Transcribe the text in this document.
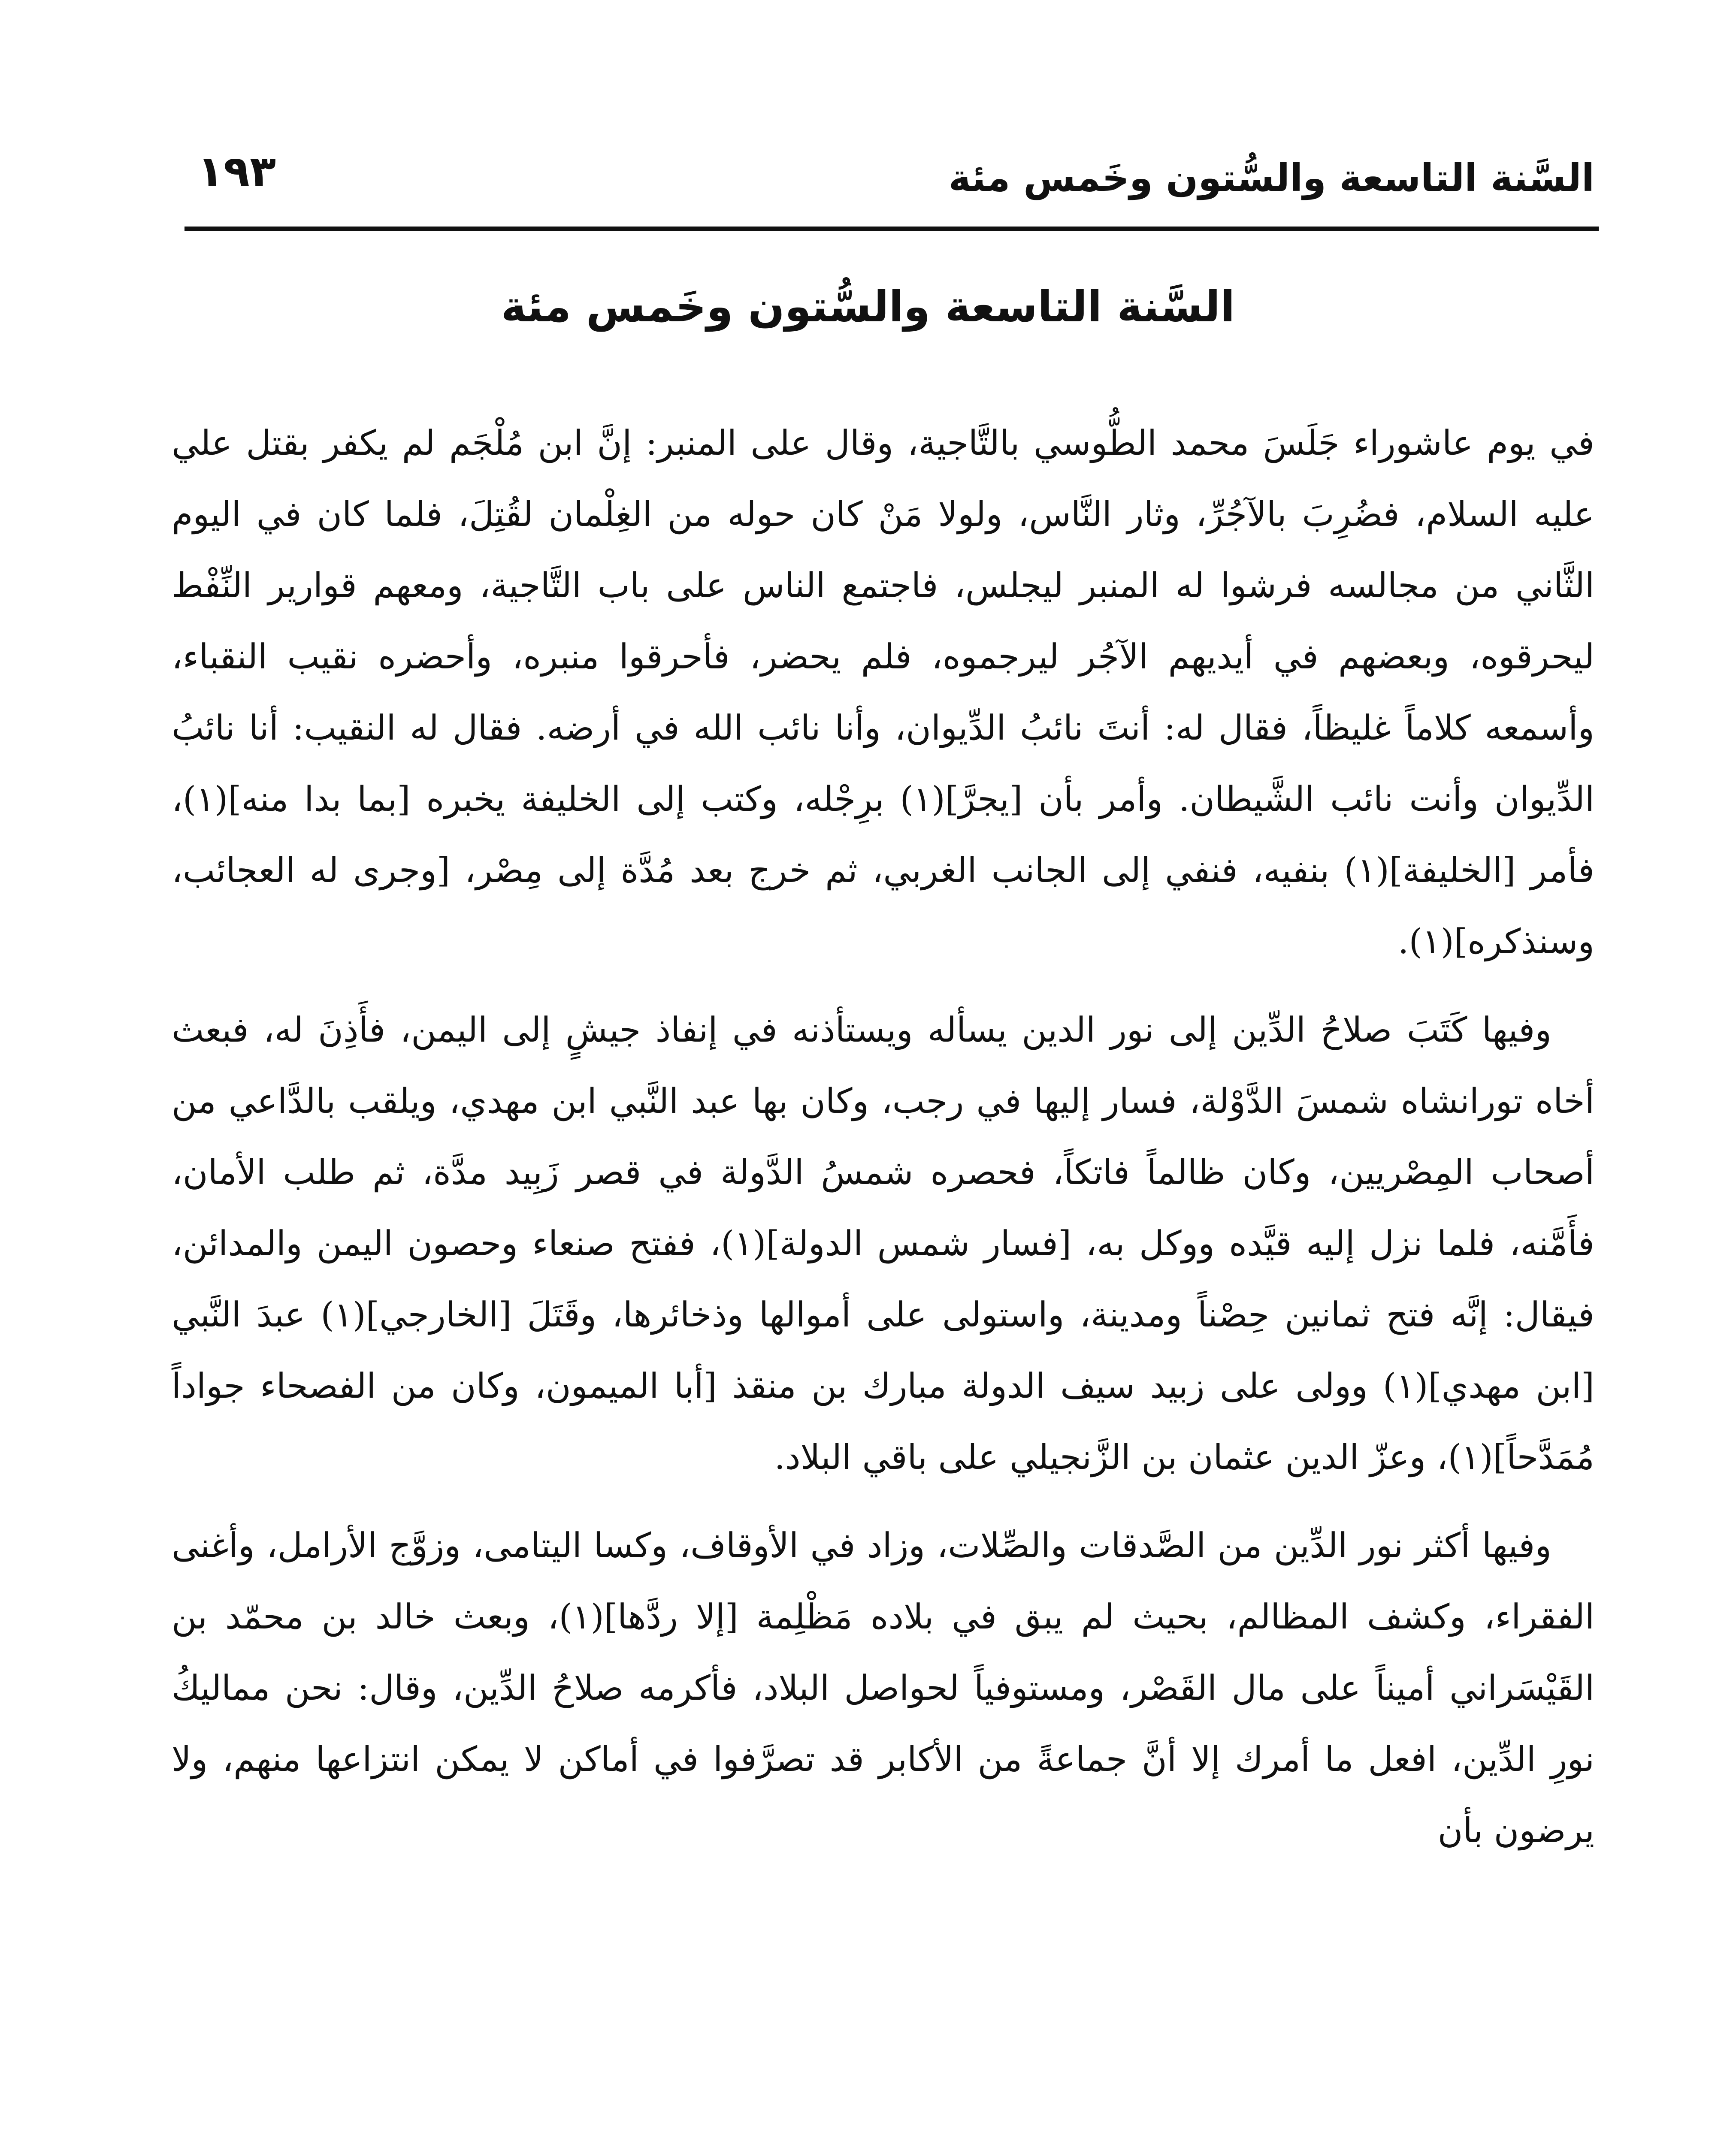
السَّنة التاسعة والسُّتون وخَمس مئة
١٩٣
السَّنة التاسعة والسُّتون وخَمس مئة

في يوم عاشوراء جَلَسَ محمد الطُّوسي بالتَّاجية، وقال على المنبر: إنَّ ابن مُلْجَم لم يكفر بقتل علي عليه السلام، فضُرِبَ بالآجُرِّ، وثار النَّاس، ولولا مَنْ كان حوله من الغِلْمان لقُتِلَ، فلما كان في اليوم الثَّاني من مجالسه فرشوا له المنبر ليجلس، فاجتمع الناس على باب التَّاجية، ومعهم قوارير النِّفْط ليحرقوه، وبعضهم في أيديهم الآجُر ليرجموه، فلم يحضر، فأحرقوا منبره، وأحضره نقيب النقباء، وأسمعه كلاماً غليظاً، فقال له: أنتَ نائبُ الدِّيوان، وأنا نائب الله في أرضه. فقال له النقيب: أنا نائبُ الدِّيوان وأنت نائب الشَّيطان. وأمر بأن [يجرَّ](١) برِجْله، وكتب إلى الخليفة يخبره [بما بدا منه](١)، فأمر [الخليفة](١) بنفيه، فنفي إلى الجانب الغربي، ثم خرج بعد مُدَّة إلى مِصْر، [وجرى له العجائب، وسنذكره](١).

وفيها كَتَبَ صلاحُ الدِّين إلى نور الدين يسأله ويستأذنه في إنفاذ جيشٍ إلى اليمن، فأَذِنَ له، فبعث أخاه تورانشاه شمسَ الدَّوْلة، فسار إليها في رجب، وكان بها عبد النَّبي ابن مهدي، ويلقب بالدَّاعي من أصحاب المِصْريين، وكان ظالماً فاتكاً، فحصره شمسُ الدَّولة في قصر زَبِيد مدَّة، ثم طلب الأمان، فأَمَّنه، فلما نزل إليه قيَّده ووكل به، [فسار شمس الدولة](١)، ففتح صنعاء وحصون اليمن والمدائن، فيقال: إنَّه فتح ثمانين حِصْناً ومدينة، واستولى على أموالها وذخائرها، وقَتَلَ [الخارجي](١) عبدَ النَّبي [ابن مهدي](١) وولى على زبيد سيف الدولة مبارك بن منقذ [أبا الميمون، وكان من الفصحاء جواداً مُمَدَّحاً](١)، وعزّ الدين عثمان بن الزَّنجيلي على باقي البلاد.

وفيها أكثر نور الدِّين من الصَّدقات والصِّلات، وزاد في الأوقاف، وكسا اليتامى، وزوَّج الأرامل، وأغنى الفقراء، وكشف المظالم، بحيث لم يبق في بلاده مَظْلِمة [إلا ردَّها](١)، وبعث خالد بن محمّد بن القَيْسَراني أميناً على مال القَصْر، ومستوفياً لحواصل البلاد، فأكرمه صلاحُ الدِّين، وقال: نحن مماليكُ نورِ الدِّين، افعل ما أمرك إلا أنَّ جماعةً من الأكابر قد تصرَّفوا في أماكن لا يمكن انتزاعها منهم، ولا يرضون بأن
